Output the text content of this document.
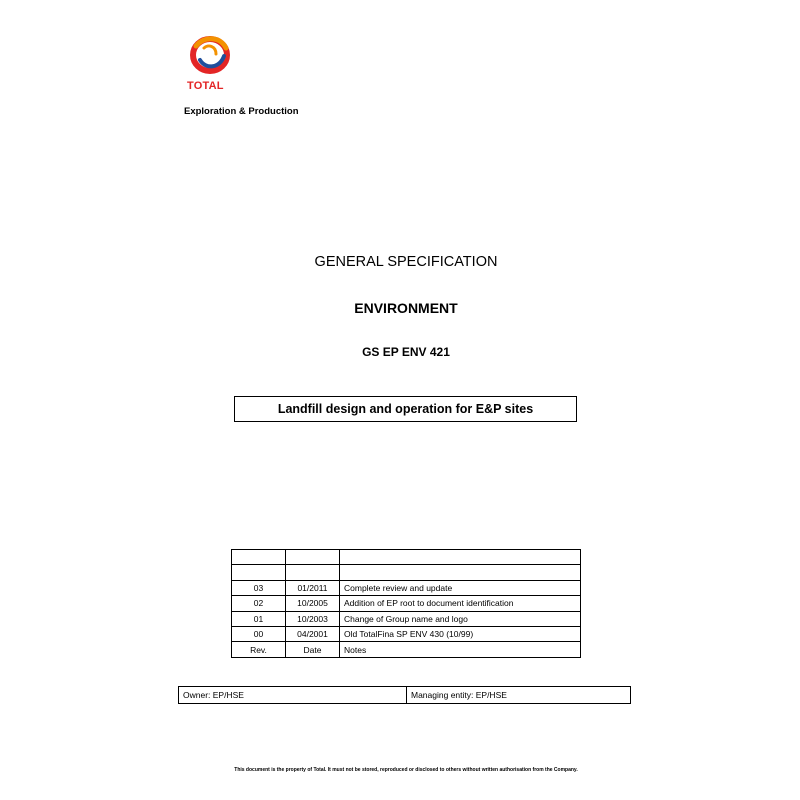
TOTAL
Exploration & Production
GENERAL SPECIFICATION
ENVIRONMENT
GS EP ENV 421
Landfill design and operation for E&P sites

03	01/2011	Complete review and update
02	10/2005	Addition of EP root to document identification
01	10/2003	Change of Group name and logo
00	04/2001	Old TotalFina SP ENV 430 (10/99)
Rev.	Date	Notes
Owner: EP/HSE	Managing entity: EP/HSE
This document is the property of Total. It must not be stored, reproduced or disclosed to others without written authorisation from the Company.
